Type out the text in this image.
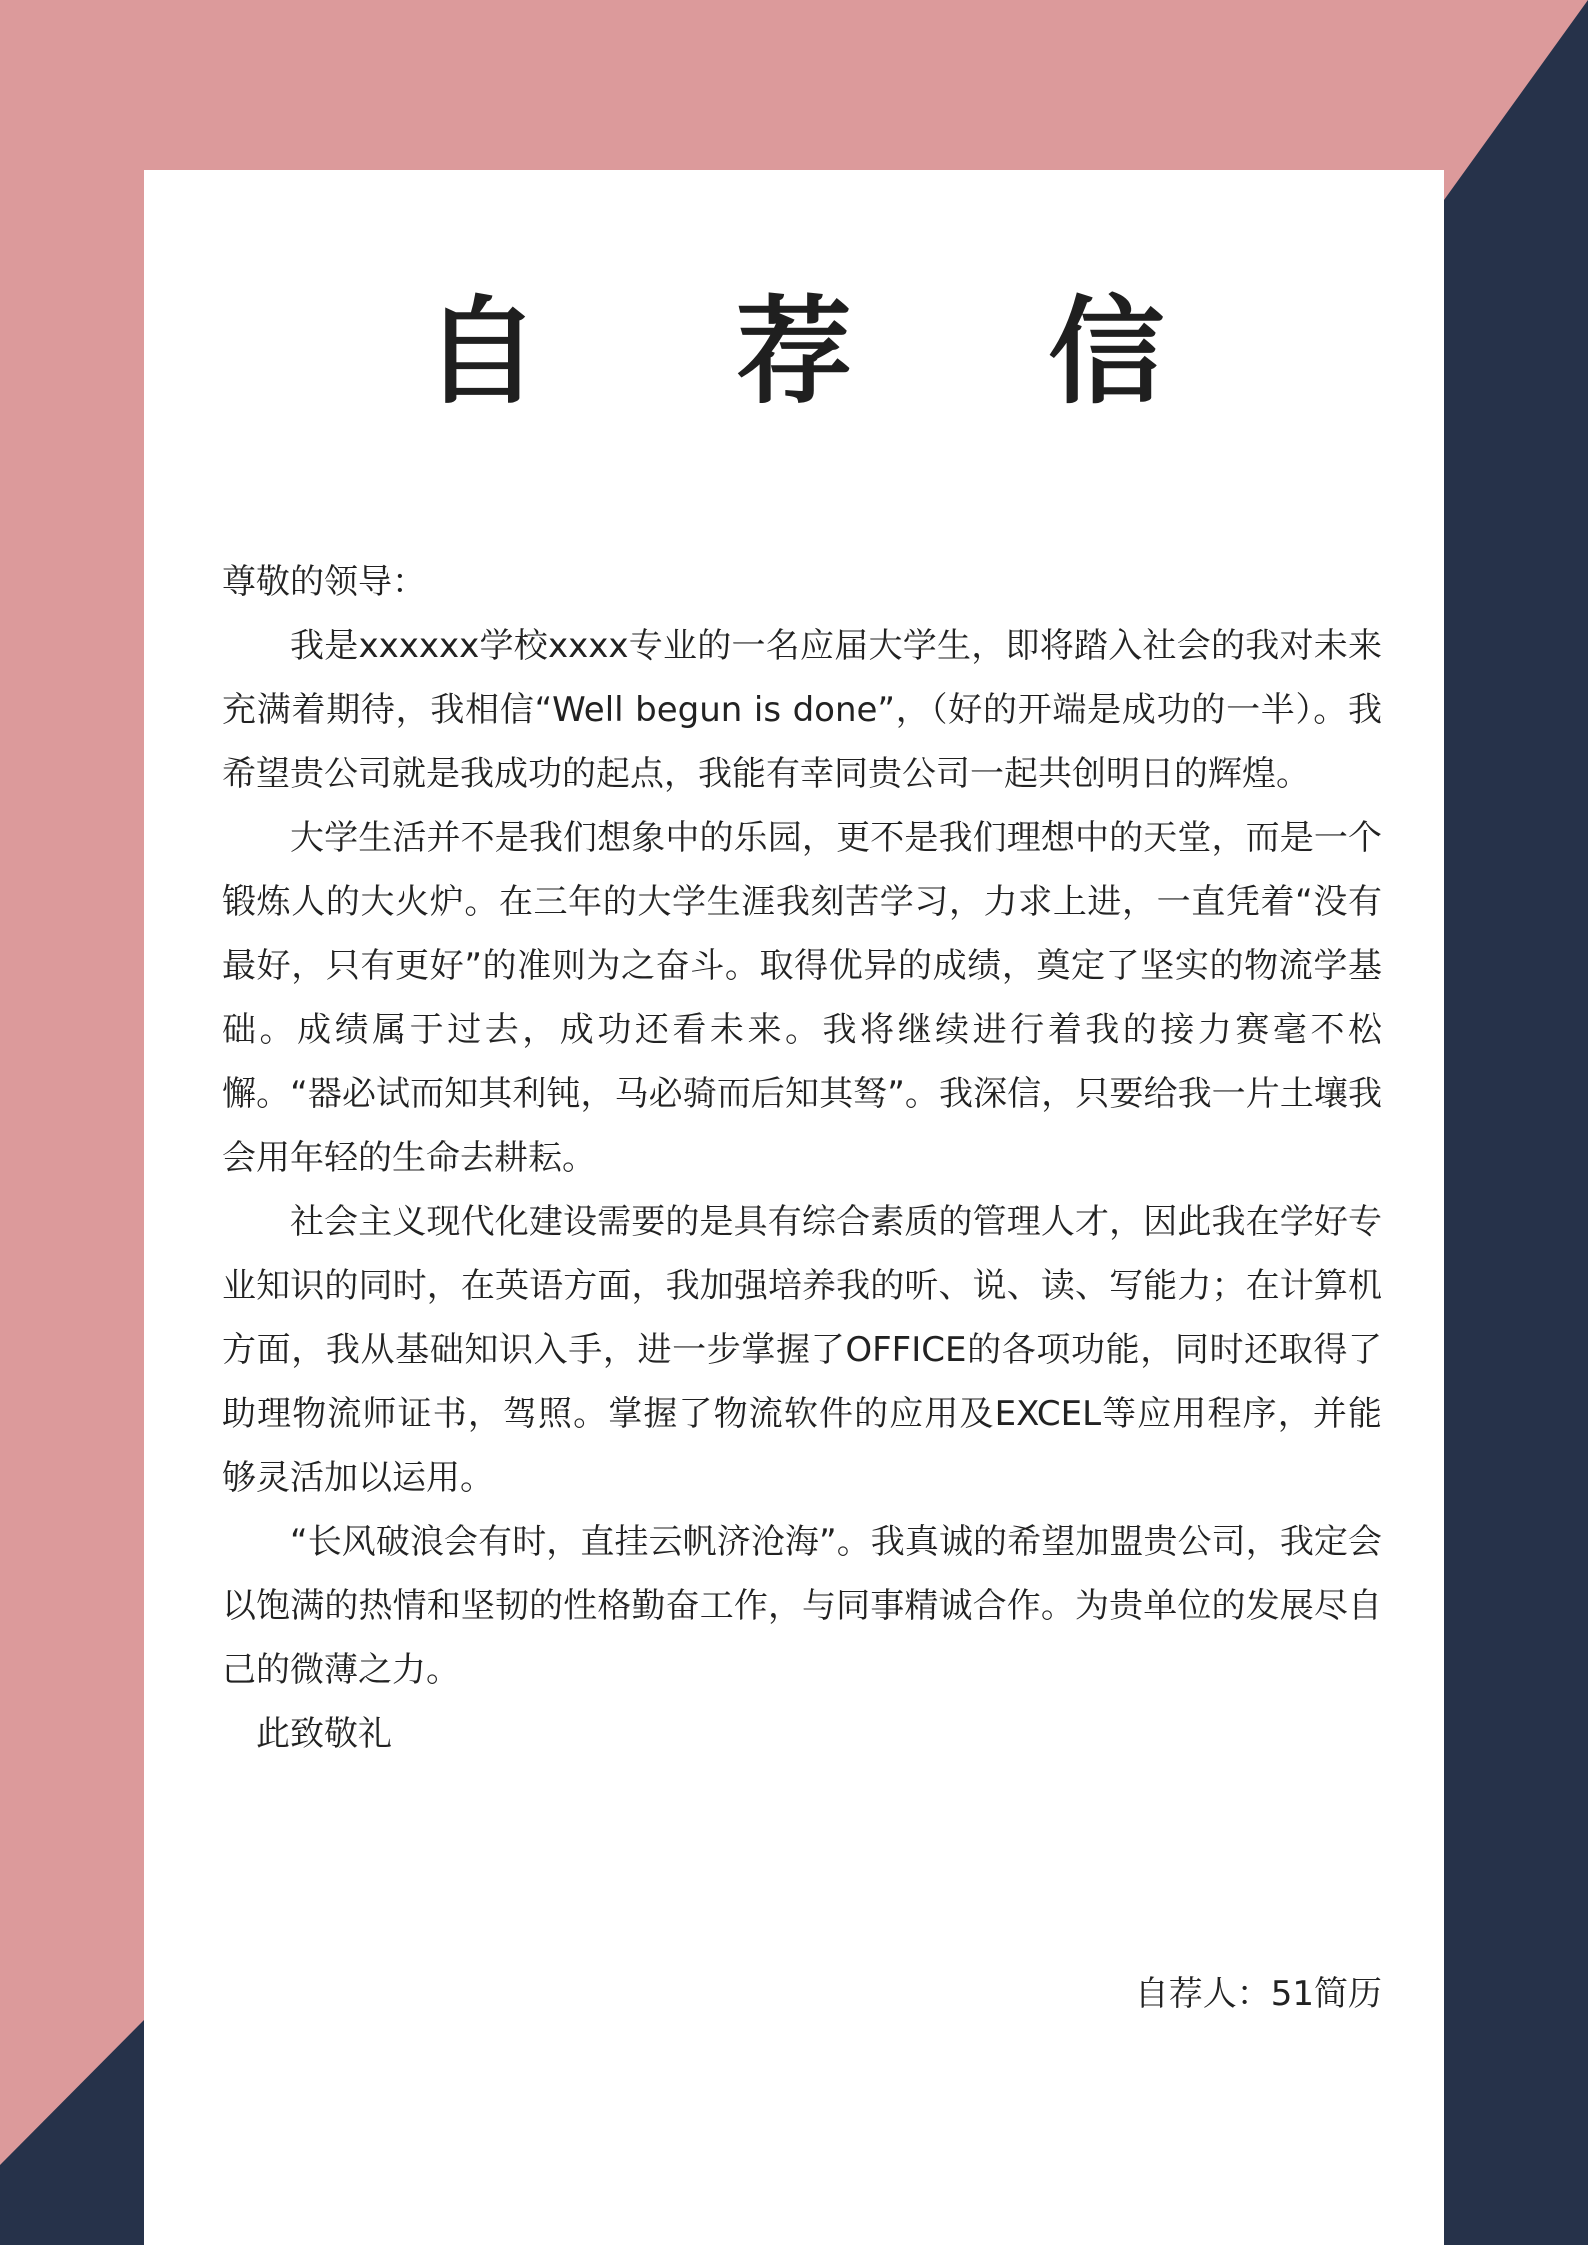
自 荐 信

尊敬的领导：

我是xxxxxx学校xxxx专业的一名应届大学生，即将踏入社会的我对未来充满着期待，我相信“Well begun is done”，（好的开端是成功的一半）。我希望贵公司就是我成功的起点，我能有幸同贵公司一起共创明日的辉煌。

大学生活并不是我们想象中的乐园，更不是我们理想中的天堂，而是一个锻炼人的大火炉。在三年的大学生涯我刻苦学习，力求上进，一直凭着“没有最好，只有更好”的准则为之奋斗。取得优异的成绩，奠定了坚实的物流学基础。成绩属于过去，成功还看未来。我将继续进行着我的接力赛毫不松懈。“器必试而知其利钝，马必骑而后知其驽”。我深信，只要给我一片土壤我会用年轻的生命去耕耘。

社会主义现代化建设需要的是具有综合素质的管理人才，因此我在学好专业知识的同时，在英语方面，我加强培养我的听、说、读、写能力；在计算机方面，我从基础知识入手，进一步掌握了OFFICE的各项功能，同时还取得了助理物流师证书，驾照。掌握了物流软件的应用及EXCEL等应用程序，并能够灵活加以运用。

“长风破浪会有时，直挂云帆济沧海”。我真诚的希望加盟贵公司，我定会以饱满的热情和坚韧的性格勤奋工作，与同事精诚合作。为贵单位的发展尽自己的微薄之力。

此致敬礼

自荐人：51简历
